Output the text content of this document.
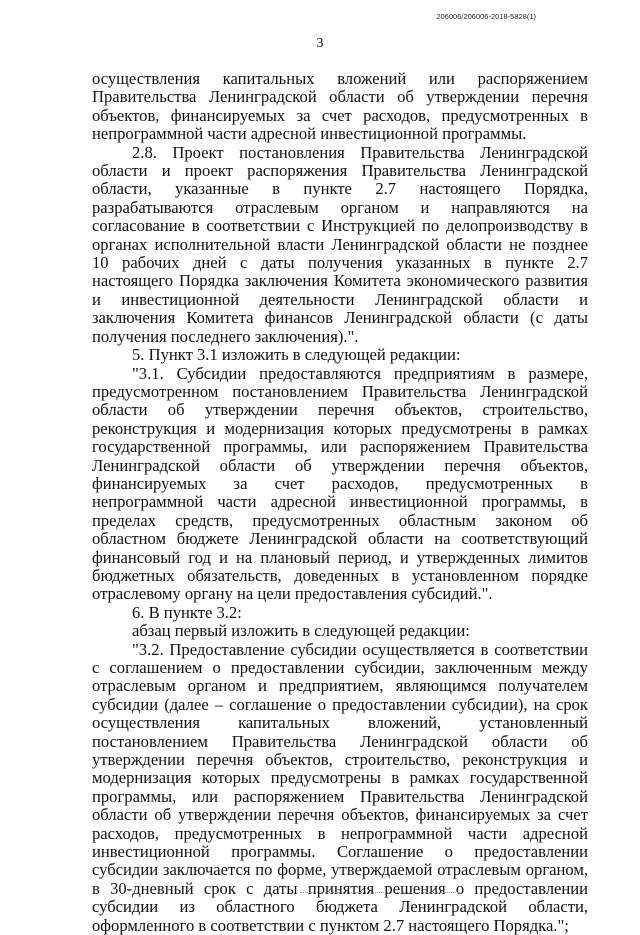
206006/206006-2018-5828(1)
3

осуществления капитальных вложений или распоряжением Правительства Ленинградской области об утверждении перечня объектов, финансируемых за счет расходов, предусмотренных в непрограммной части адресной инвестиционной программы.

2.8. Проект постановления Правительства Ленинградской области и проект распоряжения Правительства Ленинградской области, указанные в пункте 2.7 настоящего Порядка, разрабатываются отраслевым органом и направляются на согласование в соответствии с Инструкцией по делопроизводству в органах исполнительной власти Ленинградской области не позднее 10 рабочих дней с даты получения указанных в пункте 2.7 настоящего Порядка заключения Комитета экономического развития и инвестиционной деятельности Ленинградской области и заключения Комитета финансов Ленинградской области (с даты получения последнего заключения).".

5. Пункт 3.1 изложить в следующей редакции:

"3.1. Субсидии предоставляются предприятиям в размере, предусмотренном постановлением Правительства Ленинградской области об утверждении перечня объектов, строительство, реконструкция и модернизация которых предусмотрены в рамках государственной программы, или распоряжением Правительства Ленинградской области об утверждении перечня объектов, финансируемых за счет расходов, предусмотренных в непрограммной части адресной инвестиционной программы, в пределах средств, предусмотренных областным законом об областном бюджете Ленинградской области на соответствующий финансовый год и на плановый период, и утвержденных лимитов бюджетных обязательств, доведенных в установленном порядке отраслевому органу на цели предоставления субсидий.".

6. В пункте 3.2:

абзац первый изложить в следующей редакции:

"3.2. Предоставление субсидии осуществляется в соответствии с соглашением о предоставлении субсидии, заключенным между отраслевым органом и предприятием, являющимся получателем субсидии (далее – соглашение о предоставлении субсидии), на срок осуществления капитальных вложений, установленный постановлением Правительства Ленинградской области об утверждении перечня объектов, строительство, реконструкция и модернизация которых предусмотрены в рамках государственной программы, или распоряжением Правительства Ленинградской области об утверждении перечня объектов, финансируемых за счет расходов, предусмотренных в непрограммной части адресной инвестиционной программы. Соглашение о предоставлении субсидии заключается по форме, утверждаемой отраслевым органом, в 30-дневный срок с даты принятия решения о предоставлении субсидии из областного бюджета Ленинградской области, оформленного в соответствии с пунктом 2.7 настоящего Порядка.";
